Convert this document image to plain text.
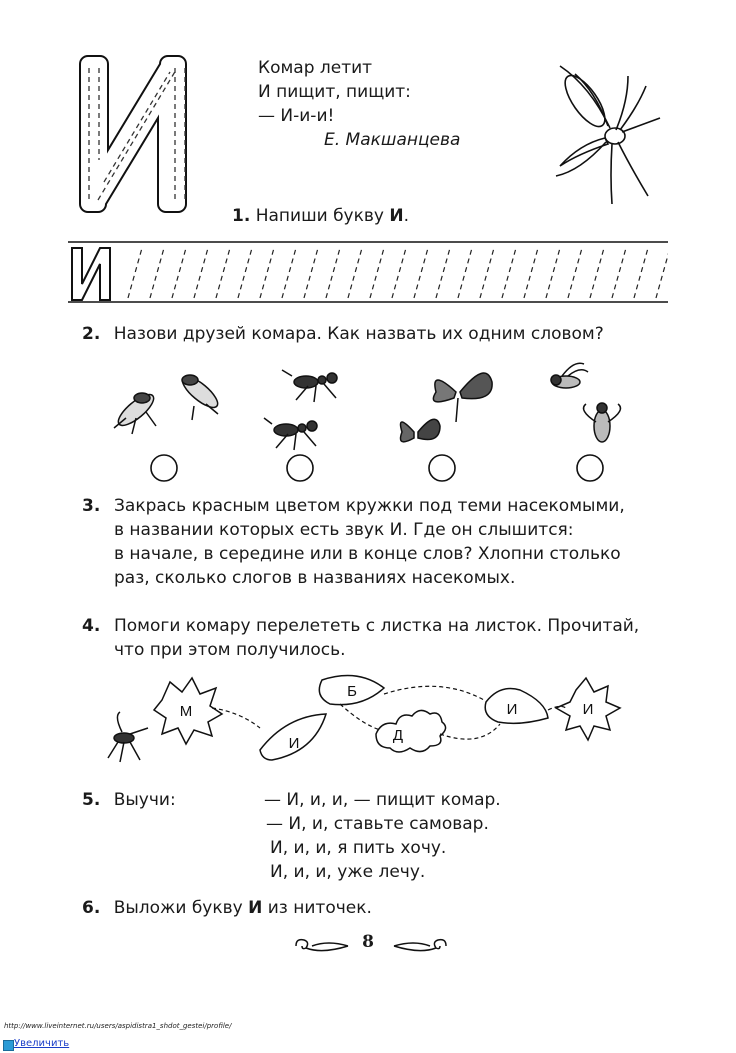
Комар летит
И пищит, пищит:
— И-и-и!
Е. Макшанцева
1. Напиши букву И.
2. Назови друзей комара. Как назвать их одним словом?
3. Закрась красным цветом кружки под теми насекомыми,
в названии которых есть звук И. Где он слышится:
в начале, в середине или в конце слов? Хлопни столько
раз, сколько слогов в названиях насекомых.
4. Помоги комару перелететь с листка на листок. Прочитай,
что при этом получилось.
М
И
Б
Д
И	И
5. Выучи:	— И, и, и, — пищит комар.
— И, и, ставьте самовар.
И, и, и, я пить хочу.
И, и, и, уже лечу.
6. Выложи букву И из ниточек.
8
http://www.liveinternet.ru/users/aspidistra1_shdot_gestei/profile/
Увеличить
